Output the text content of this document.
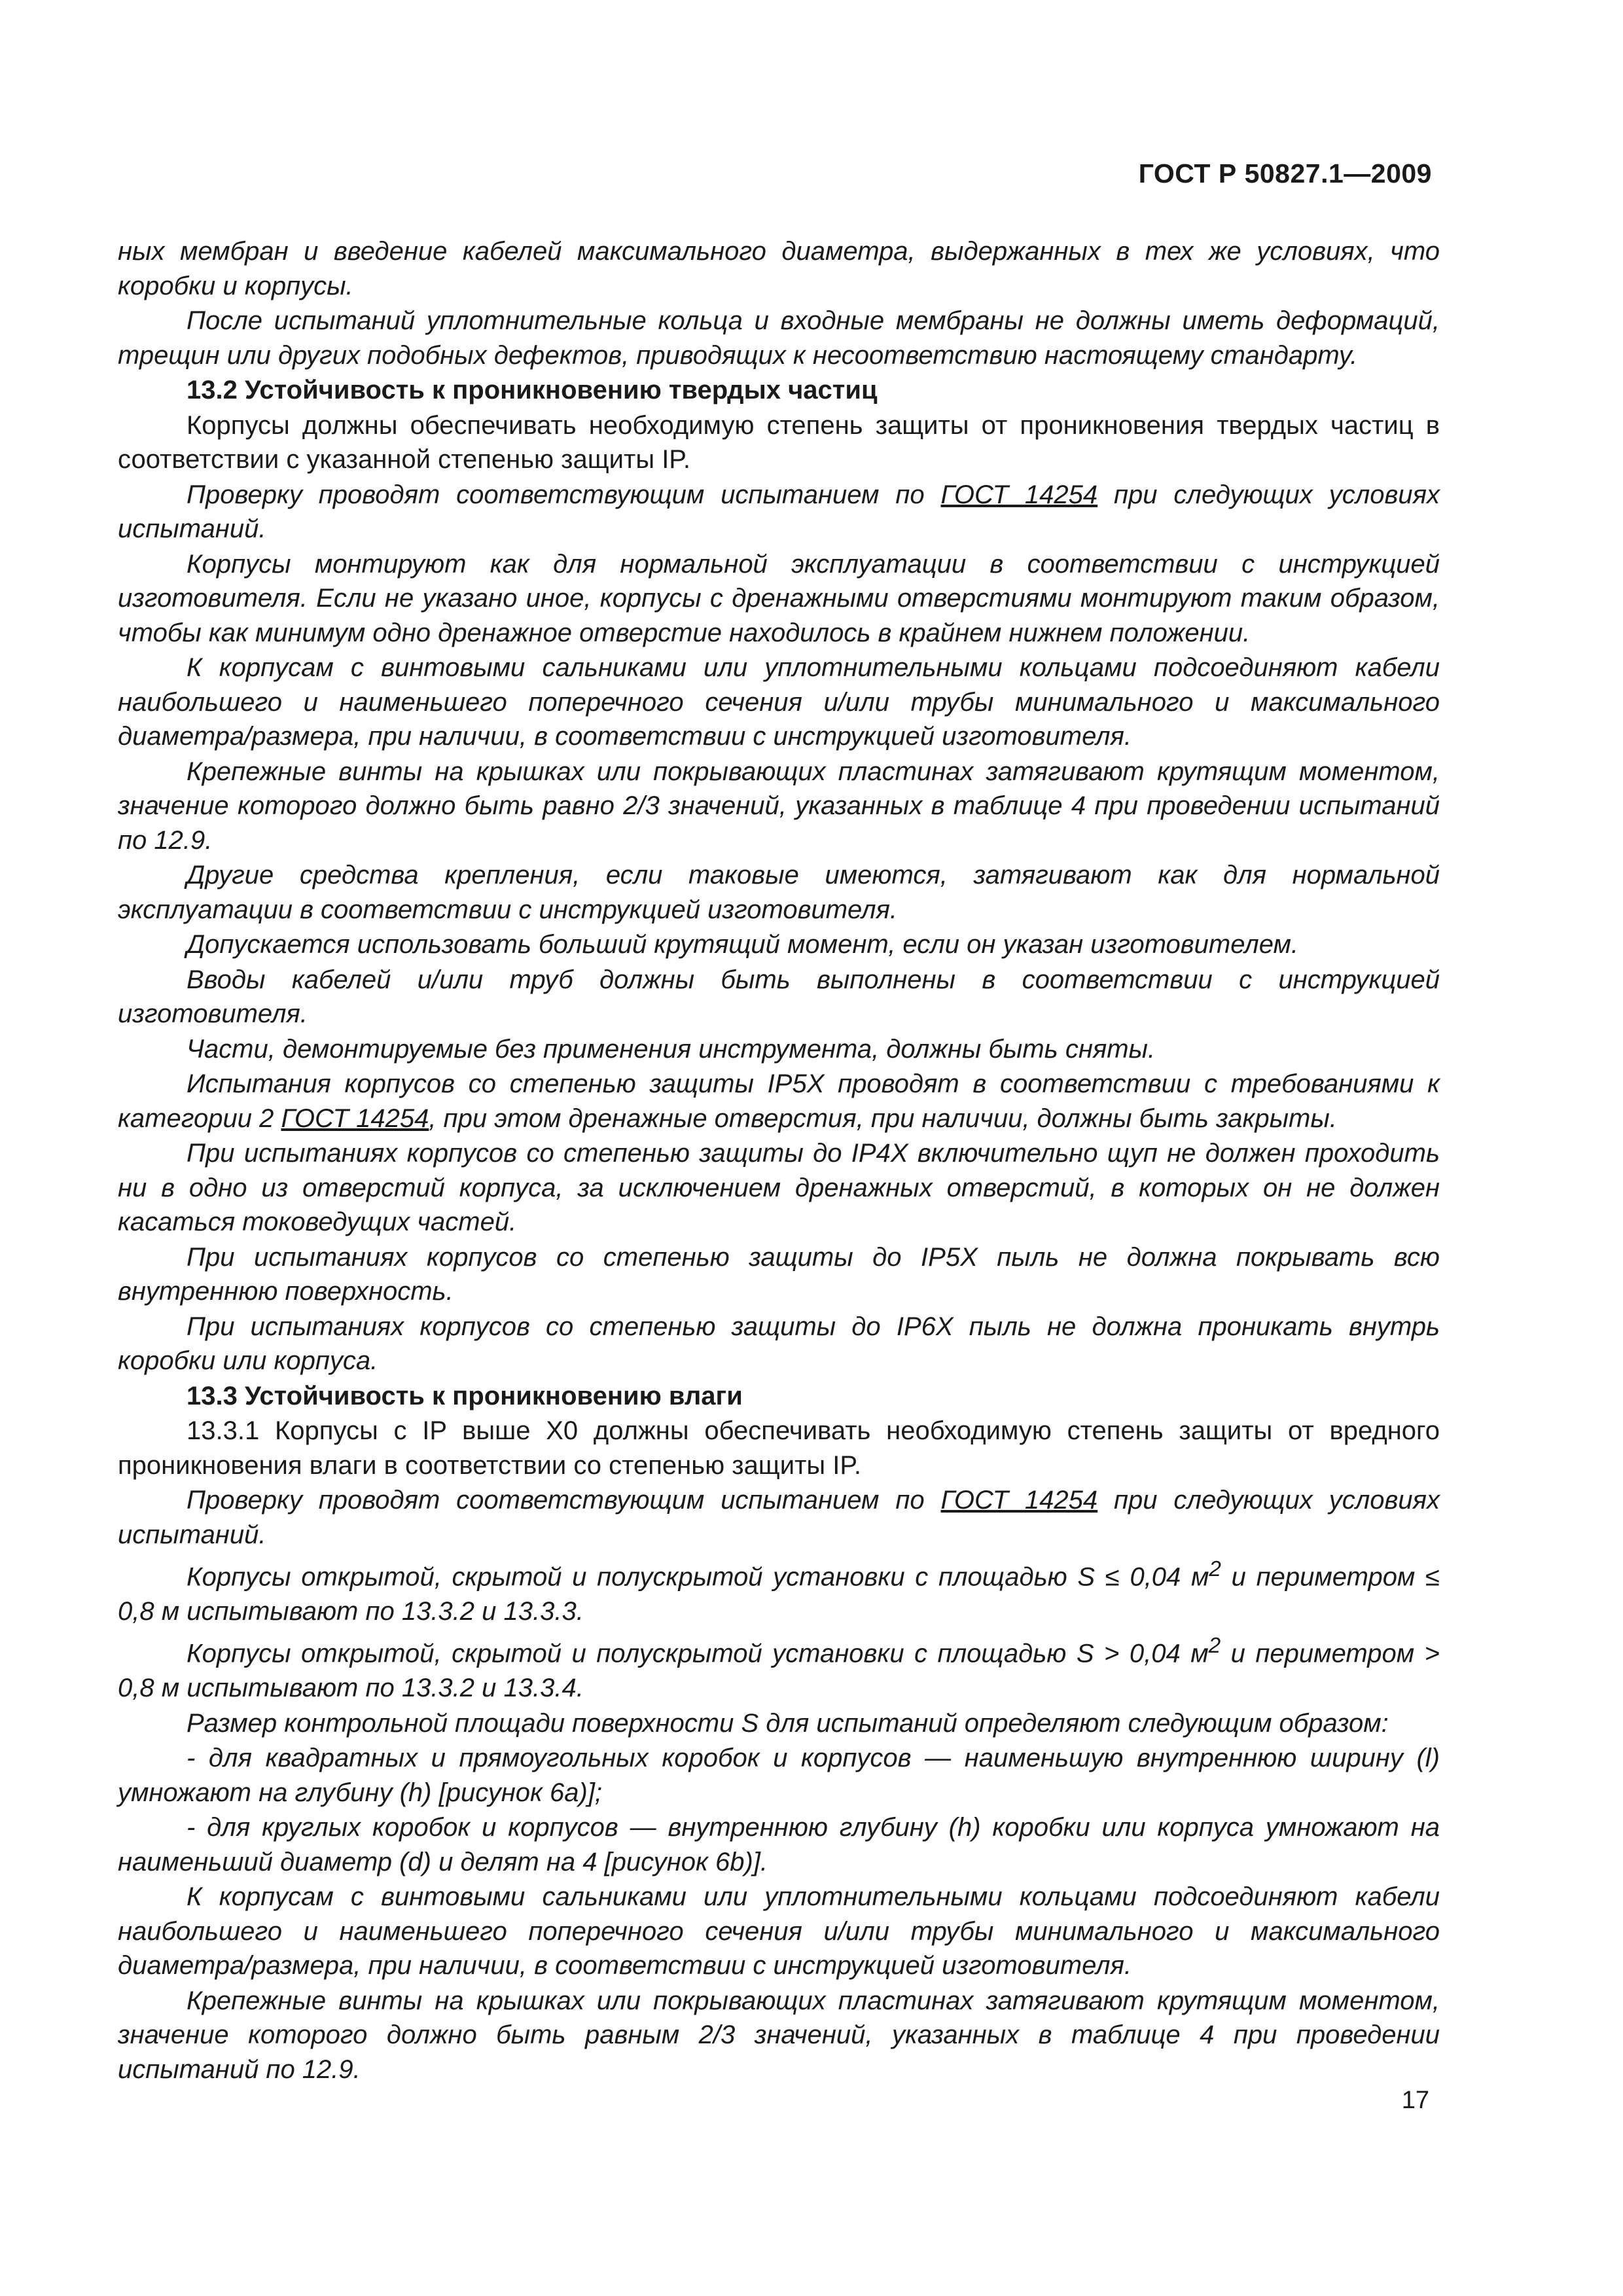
ГОСТ Р 50827.1—2009

ных мембран и введение кабелей максимального диаметра, выдержанных в тех же условиях, что коробки и корпусы.

После испытаний уплотнительные кольца и входные мембраны не должны иметь деформаций, трещин или других подобных дефектов, приводящих к несоответствию настоящему стандарту.

13.2 Устойчивость к проникновению твердых частиц

Корпусы должны обеспечивать необходимую степень защиты от проникновения твердых частиц в соответствии с указанной степенью защиты IP.

Проверку проводят соответствующим испытанием по ГОСТ 14254 при следующих условиях испытаний.

Корпусы монтируют как для нормальной эксплуатации в соответствии с инструкцией изготовителя. Если не указано иное, корпусы с дренажными отверстиями монтируют таким образом, чтобы как минимум одно дренажное отверстие находилось в крайнем нижнем положении.

К корпусам с винтовыми сальниками или уплотнительными кольцами подсоединяют кабели наибольшего и наименьшего поперечного сечения и/или трубы минимального и максимального диаметра/размера, при наличии, в соответствии с инструкцией изготовителя.

Крепежные винты на крышках или покрывающих пластинах затягивают крутящим моментом, значение которого должно быть равно 2/3 значений, указанных в таблице 4 при проведении испытаний по 12.9.

Другие средства крепления, если таковые имеются, затягивают как для нормальной эксплуатации в соответствии с инструкцией изготовителя.

Допускается использовать больший крутящий момент, если он указан изготовителем.

Вводы кабелей и/или труб должны быть выполнены в соответствии с инструкцией изготовителя.

Части, демонтируемые без применения инструмента, должны быть сняты.

Испытания корпусов со степенью защиты IP5X проводят в соответствии с требованиями к категории 2 ГОСТ 14254, при этом дренажные отверстия, при наличии, должны быть закрыты.

При испытаниях корпусов со степенью защиты до IP4X включительно щуп не должен проходить ни в одно из отверстий корпуса, за исключением дренажных отверстий, в которых он не должен касаться токоведущих частей.

При испытаниях корпусов со степенью защиты до IP5X пыль не должна покрывать всю внутреннюю поверхность.

При испытаниях корпусов со степенью защиты до IP6X пыль не должна проникать внутрь коробки или корпуса.

13.3 Устойчивость к проникновению влаги

13.3.1 Корпусы с IP выше X0 должны обеспечивать необходимую степень защиты от вредного проникновения влаги в соответствии со степенью защиты IP.

Проверку проводят соответствующим испытанием по ГОСТ 14254 при следующих условиях испытаний.

Корпусы открытой, скрытой и полускрытой установки с площадью S ≤ 0,04 $м^2$ и периметром ≤ 0,8 м испытывают по 13.3.2 и 13.3.3.

Корпусы открытой, скрытой и полускрытой установки с площадью S > 0,04 $м^2$ и периметром > 0,8 м испытывают по 13.3.2 и 13.3.4.

Размер контрольной площади поверхности S для испытаний определяют следующим образом:

- для квадратных и прямоугольных коробок и корпусов — наименьшую внутреннюю ширину (l) умножают на глубину (h) [рисунок 6a)];

- для круглых коробок и корпусов — внутреннюю глубину (h) коробки или корпуса умножают на наименьший диаметр (d) и делят на 4 [рисунок 6b)].

К корпусам с винтовыми сальниками или уплотнительными кольцами подсоединяют кабели наибольшего и наименьшего поперечного сечения и/или трубы минимального и максимального диаметра/размера, при наличии, в соответствии с инструкцией изготовителя.

Крепежные винты на крышках или покрывающих пластинах затягивают крутящим моментом, значение которого должно быть равным 2/3 значений, указанных в таблице 4 при проведении испытаний по 12.9.

17
